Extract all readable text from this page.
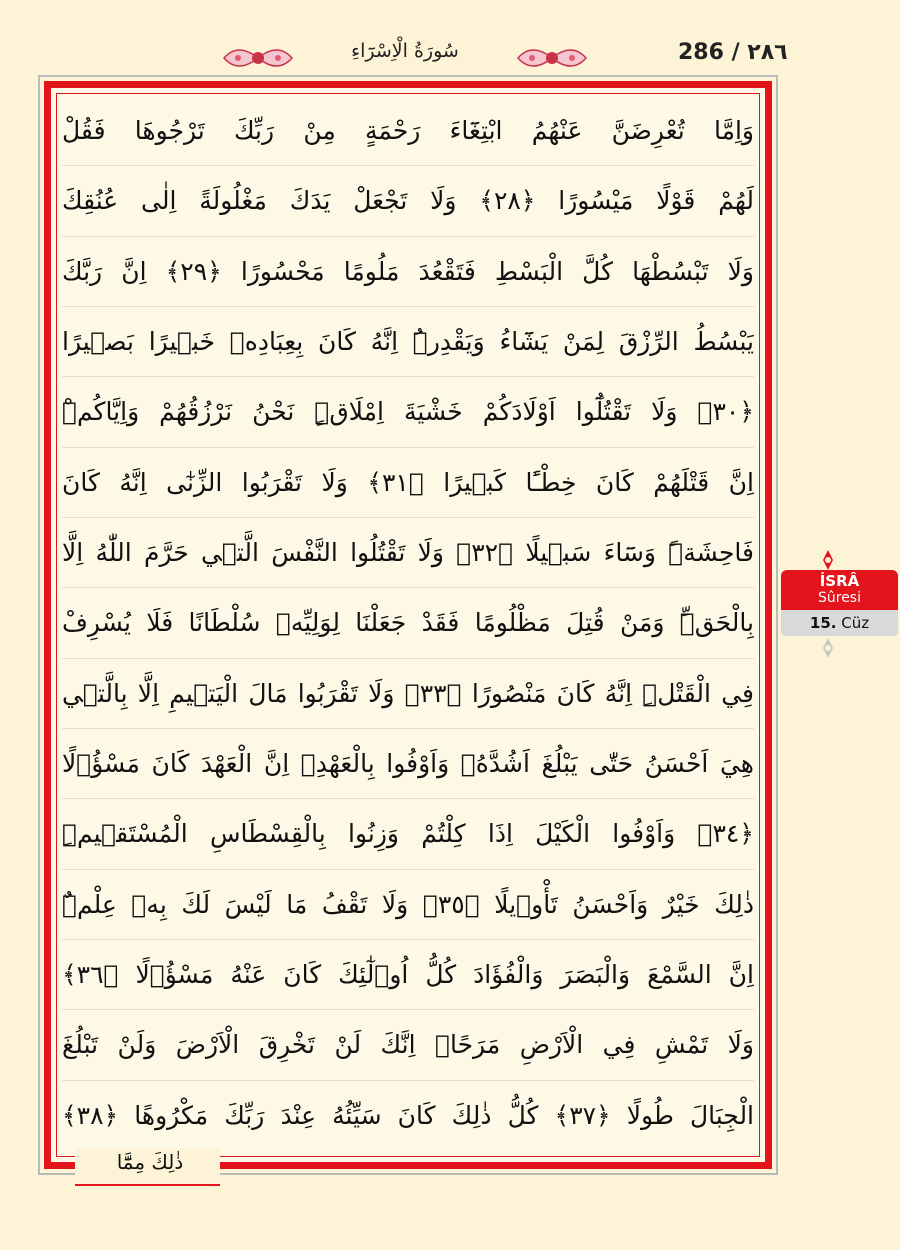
286 / ٢٨٦
سُورَةُ الْاِسْرَٓاءِ
وَاِمَّا تُعْرِضَنَّ عَنْهُمُ ابْتِغَٓاءَ رَحْمَةٍ مِنْ رَبِّكَ تَرْجُوهَا فَقُلْ
لَهُمْ قَوْلًا مَيْسُورًا ﴿٢٨﴾ وَلَا تَجْعَلْ يَدَكَ مَغْلُولَةً اِلٰى عُنُقِكَ
وَلَا تَبْسُطْهَا كُلَّ الْبَسْطِ فَتَقْعُدَ مَلُومًا مَحْسُورًا ﴿٢٩﴾ اِنَّ رَبَّكَ
يَبْسُطُ الرِّزْقَ لِمَنْ يَشَٓاءُ وَيَقْدِرُۜ اِنَّهُ كَانَ بِعِبَادِه۪ خَب۪يرًا بَص۪يرًا
﴿٣٠﴾ وَلَا تَقْتُلُٓوا اَوْلَادَكُمْ خَشْيَةَ اِمْلَاقٍۜ نَحْنُ نَرْزُقُهُمْ وَاِيَّاكُمْۜ
اِنَّ قَتْلَهُمْ كَانَ خِطْـًٔا كَب۪يرًا ﴿٣١﴾ وَلَا تَقْرَبُوا الزِّنٰٓى اِنَّهُ كَانَ
فَاحِشَةًۜ وَسَٓاءَ سَب۪يلًا ﴿٣٢﴾ وَلَا تَقْتُلُوا النَّفْسَ الَّت۪ي حَرَّمَ اللّٰهُ اِلَّا
بِالْحَقِّۜ وَمَنْ قُتِلَ مَظْلُومًا فَقَدْ جَعَلْنَا لِوَلِيِّه۪ سُلْطَانًا فَلَا يُسْرِفْ
فِي الْقَتْلِۜ اِنَّهُ كَانَ مَنْصُورًا ﴿٣٣﴾ وَلَا تَقْرَبُوا مَالَ الْيَت۪يمِ اِلَّا بِالَّت۪ي
هِيَ اَحْسَنُ حَتّٰى يَبْلُغَ اَشُدَّهُۖ وَاَوْفُوا بِالْعَهْدِۚ اِنَّ الْعَهْدَ كَانَ مَسْؤُ۫لًا
﴿٣٤﴾ وَاَوْفُوا الْكَيْلَ اِذَا كِلْتُمْ وَزِنُوا بِالْقِسْطَاسِ الْمُسْتَق۪يمِۜ
ذٰلِكَ خَيْرٌ وَاَحْسَنُ تَأْو۪يلًا ﴿٣٥﴾ وَلَا تَقْفُ مَا لَيْسَ لَكَ بِه۪ عِلْمٌۜ
اِنَّ السَّمْعَ وَالْبَصَرَ وَالْفُؤَادَ كُلُّ اُو۬لٰٓئِكَ كَانَ عَنْهُ مَسْؤُ۫لًا ﴿٣٦﴾
وَلَا تَمْشِ فِي الْاَرْضِ مَرَحًاۚ اِنَّكَ لَنْ تَخْرِقَ الْاَرْضَ وَلَنْ تَبْلُغَ
الْجِبَالَ طُولًا ﴿٣٧﴾ كُلُّ ذٰلِكَ كَانَ سَيِّئُهُ عِنْدَ رَبِّكَ مَكْرُوهًا ﴿٣٨﴾
ذٰلِكَ مِمَّٓا
İSRÂ
Sûresi
15. Cüz
